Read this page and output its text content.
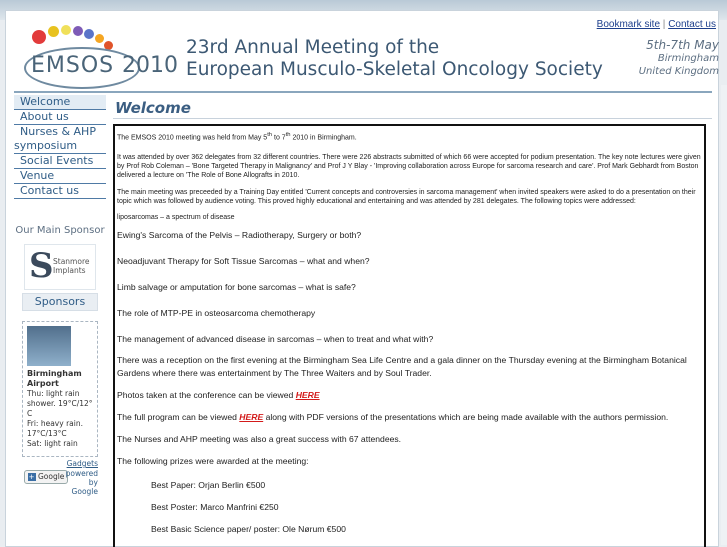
Bookmark site | Contact us
EMSOS 2010
23rd Annual Meeting of the
European Musculo-Skeletal Oncology Society
5th-7th May
Birmingham
United Kingdom
Welcome
About us
Nurses & AHP
symposium
Social Events
Venue
Contact us
Our Main Sponsor
S Stanmore
Implants
Sponsors
Birmingham
Airport
Thu: light rain shower. 19°C/12° C
Fri: heavy rain. 17°C/13°C
Sat: light rain
Gadgets
+ Google powered
by
Google
Welcome

The EMSOS 2010 meeting was held from May 5th to 7th 2010 in Birmingham.

It was attended by over 362 delegates from 32 different countries. There were 226 abstracts submitted of which 66 were accepted for podium presentation. The key note lectures were given by Prof Rob Coleman – 'Bone Targeted Therapy in Malignancy' and Prof J Y Blay - 'Improving collaboration across Europe for sarcoma research and care'. Prof Mark Gebhardt from Boston delivered a lecture on 'The Role of Bone Allografts in 2010.

The main meeting was preceeded by a Training Day entitled 'Current concepts and controversies in sarcoma management' when invited speakers were asked to do a presentation on their topic which was followed by audience voting. This proved highly educational and entertaining and was attended by 281 delegates. The following topics were addressed:

liposarcomas – a spectrum of disease

Ewing's Sarcoma of the Pelvis – Radiotherapy, Surgery or both?

Neoadjuvant Therapy for Soft Tissue Sarcomas – what and when?

Limb salvage or amputation for bone sarcomas – what is safe?

The role of MTP-PE in osteosarcoma chemotherapy

The management of advanced disease in sarcomas – when to treat and what with?

There was a reception on the first evening at the Birmingham Sea Life Centre and a gala dinner on the Thursday evening at the Birmingham Botanical Gardens where there was entertainment by The Three Waiters and by Soul Trader.

Photos taken at the conference can be viewed HERE

The full program can be viewed HERE along with PDF versions of the presentations which are being made available with the authors permission.

The Nurses and AHP meeting was also a great success with 67 attendees.

The following prizes were awarded at the meeting:

Best Paper: Orjan Berlin €500

Best Poster: Marco Manfrini €250

Best Basic Science paper/ poster: Ole Nørum €500
